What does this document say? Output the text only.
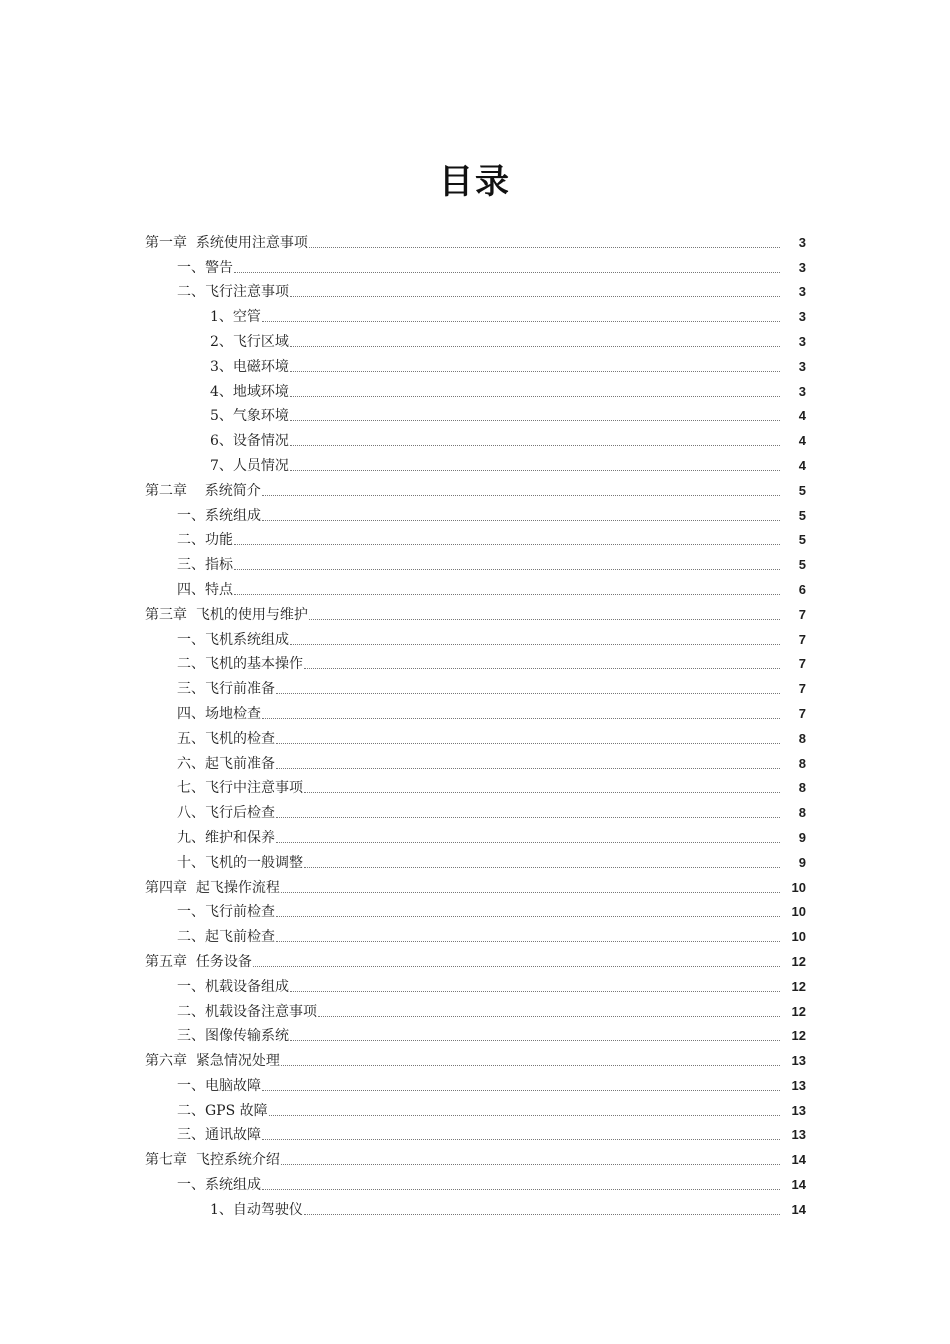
目录
第一章  系统使用注意事项	3
一、警告	3
二、飞行注意事项	3
1、空管	3
2、飞行区域	3
3、电磁环境	3
4、地域环境	3
5、气象环境	4
6、设备情况	4
7、人员情况	4
第二章    系统简介	5
一、系统组成	5
二、功能	5
三、指标	5
四、特点	6
第三章  飞机的使用与维护	7
一、飞机系统组成	7
二、飞机的基本操作	7
三、飞行前准备	7
四、场地检查	7
五、飞机的检查	8
六、起飞前准备	8
七、飞行中注意事项	8
八、飞行后检查	8
九、维护和保养	9
十、飞机的一般调整	9
第四章  起飞操作流程	10
一、飞行前检查	10
二、起飞前检查	10
第五章  任务设备	12
一、机载设备组成	12
二、机载设备注意事项	12
三、图像传输系统	12
第六章  紧急情况处理	13
一、电脑故障	13
二、GPS 故障	13
三、通讯故障	13
第七章  飞控系统介绍	14
一、系统组成	14
1、自动驾驶仪	14
